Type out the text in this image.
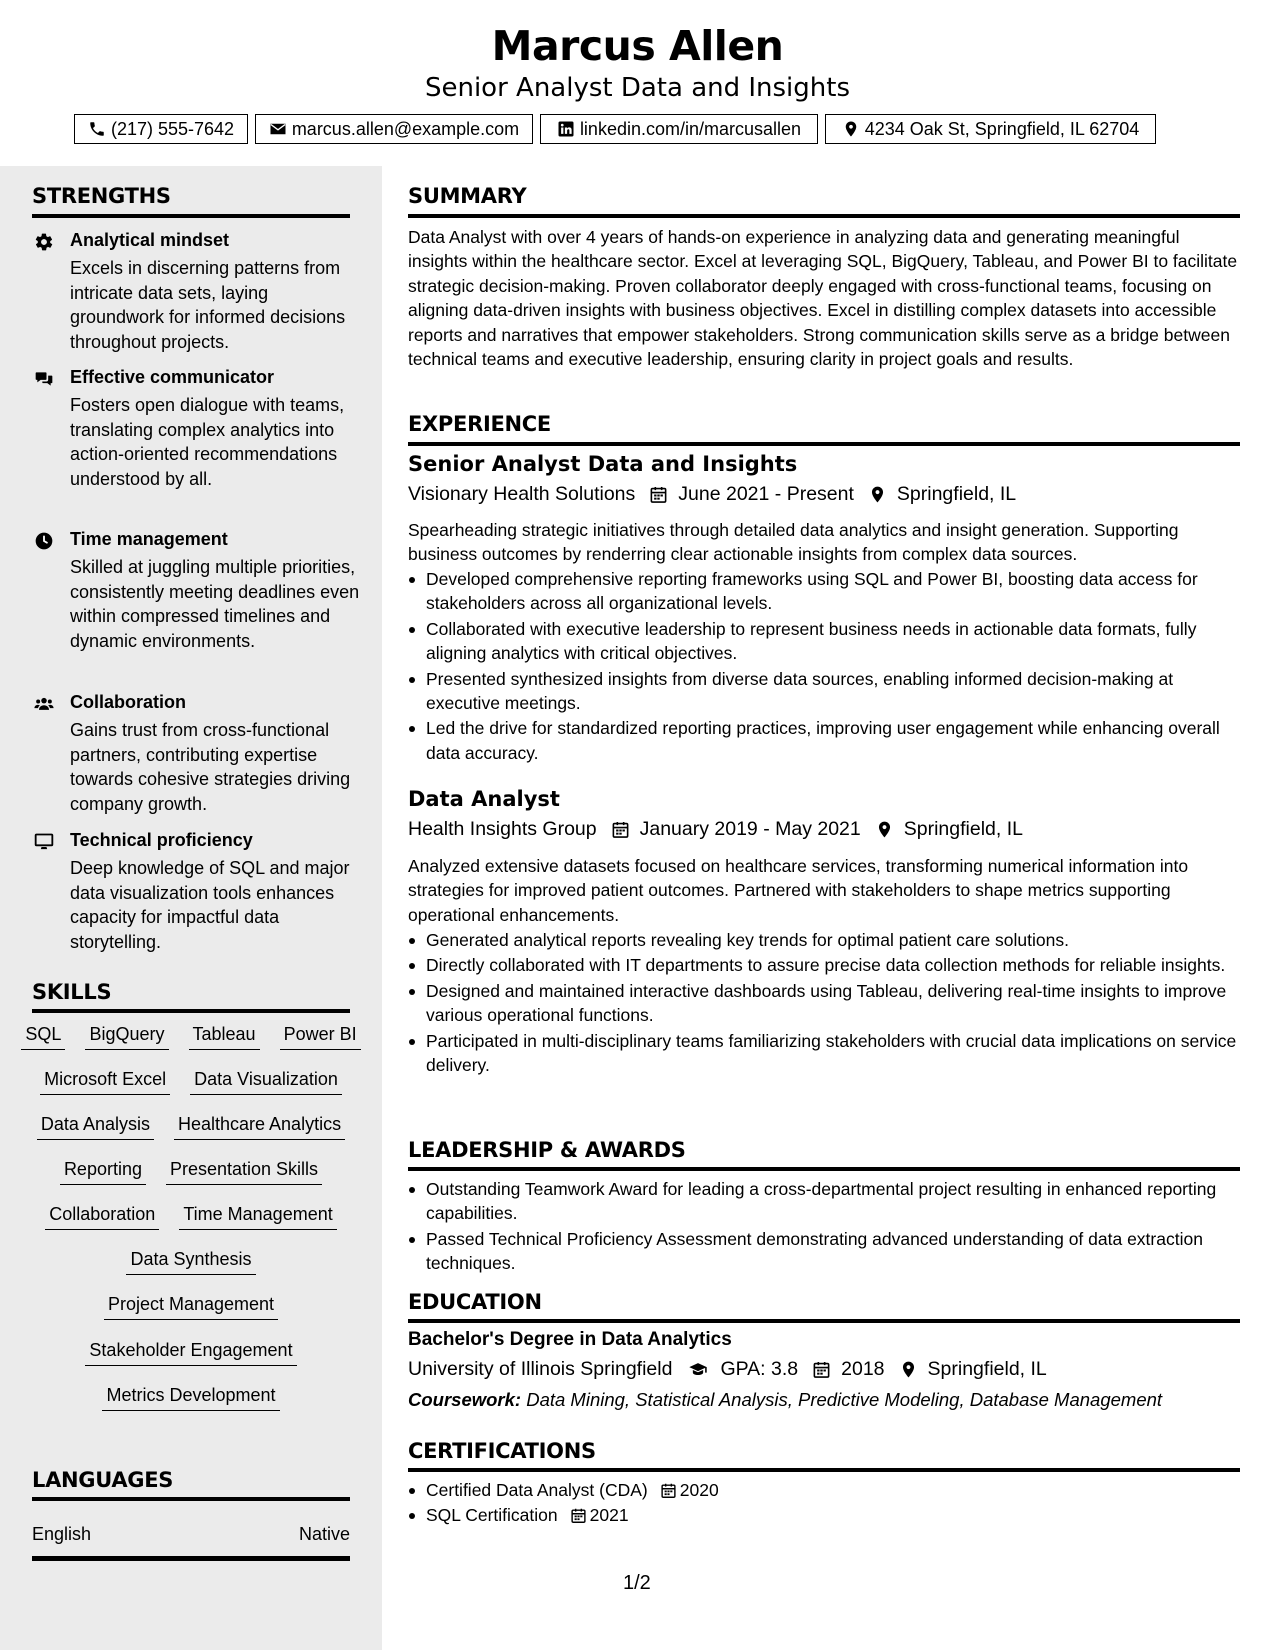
Marcus Allen
Senior Analyst Data and Insights
(217) 555-7642	marcus.allen@example.com	linkedin.com/in/marcusallen	4234 Oak St, Springfield, IL 62704
STRENGTHS
Analytical mindset
Excels in discerning patterns from intricate data sets, laying groundwork for informed decisions throughout projects.
Effective communicator
Fosters open dialogue with teams, translating complex analytics into action-oriented recommendations understood by all.
Time management
Skilled at juggling multiple priorities, consistently meeting deadlines even within compressed timelines and dynamic environments.
Collaboration
Gains trust from cross-functional partners, contributing expertise towards cohesive strategies driving company growth.
Technical proficiency
Deep knowledge of SQL and major data visualization tools enhances capacity for impactful data storytelling.
SKILLS
SQL BigQuery Tableau Power BI
Microsoft Excel Data Visualization
Data Analysis Healthcare Analytics
Reporting Presentation Skills
Collaboration Time Management
Data Synthesis
Project Management
Stakeholder Engagement
Metrics Development
LANGUAGES
English	Native
SUMMARY
Data Analyst with over 4 years of hands-on experience in analyzing data and generating meaningful insights within the healthcare sector. Excel at leveraging SQL, BigQuery, Tableau, and Power BI to facilitate strategic decision-making. Proven collaborator deeply engaged with cross-functional teams, focusing on aligning data-driven insights with business objectives. Excel in distilling complex datasets into accessible reports and narratives that empower stakeholders. Strong communication skills serve as a bridge between technical teams and executive leadership, ensuring clarity in project goals and results.
EXPERIENCE
Senior Analyst Data and Insights
Visionary Health Solutions June 2021 - Present Springfield, IL
Spearheading strategic initiatives through detailed data analytics and insight generation. Supporting business outcomes by renderring clear actionable insights from complex data sources.
Developed comprehensive reporting frameworks using SQL and Power BI, boosting data access for stakeholders across all organizational levels.
Collaborated with executive leadership to represent business needs in actionable data formats, fully aligning analytics with critical objectives.
Presented synthesized insights from diverse data sources, enabling informed decision-making at executive meetings.
Led the drive for standardized reporting practices, improving user engagement while enhancing overall data accuracy.
Data Analyst
Health Insights Group January 2019 - May 2021 Springfield, IL
Analyzed extensive datasets focused on healthcare services, transforming numerical information into strategies for improved patient outcomes. Partnered with stakeholders to shape metrics supporting operational enhancements.
Generated analytical reports revealing key trends for optimal patient care solutions.
Directly collaborated with IT departments to assure precise data collection methods for reliable insights.
Designed and maintained interactive dashboards using Tableau, delivering real-time insights to improve various operational functions.
Participated in multi-disciplinary teams familiarizing stakeholders with crucial data implications on service delivery.
LEADERSHIP & AWARDS
Outstanding Teamwork Award for leading a cross-departmental project resulting in enhanced reporting capabilities.
Passed Technical Proficiency Assessment demonstrating advanced understanding of data extraction techniques.
EDUCATION
Bachelor's Degree in Data Analytics
University of Illinois Springfield GPA: 3.8 2018 Springfield, IL
Coursework: Data Mining, Statistical Analysis, Predictive Modeling, Database Management
CERTIFICATIONS
Certified Data Analyst (CDA) 2020
SQL Certification 2021
1/2
